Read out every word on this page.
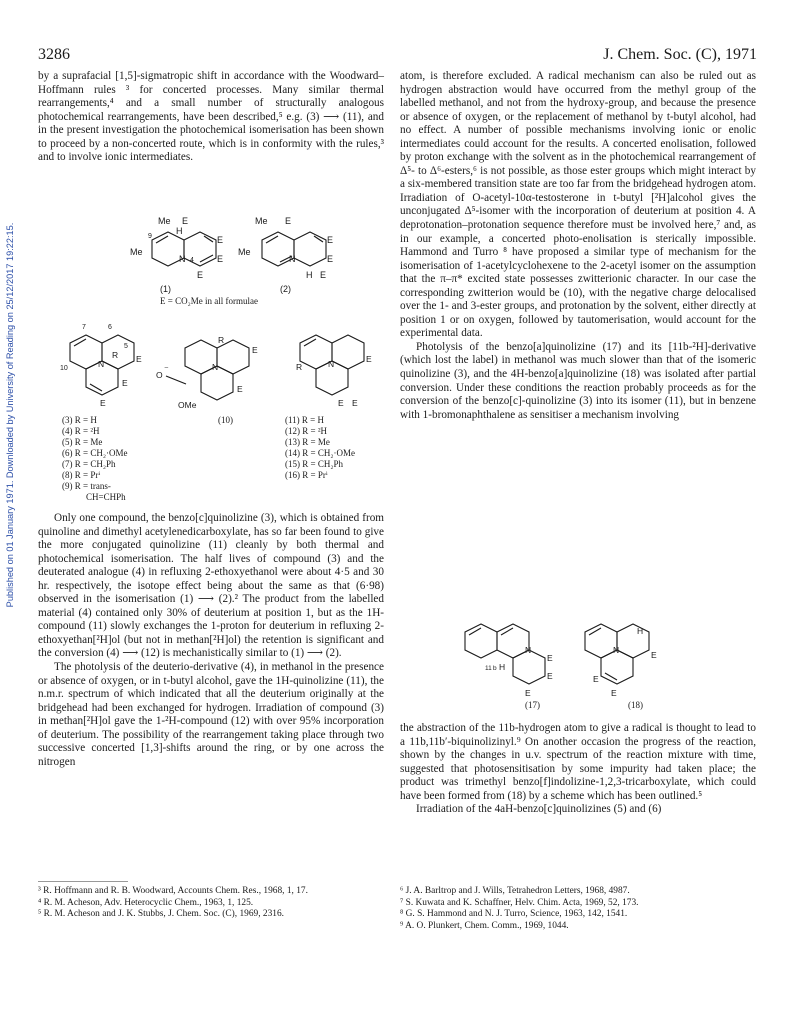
3286	J. Chem. Soc. (C), 1971
Published on 01 January 1971. Downloaded by University of Reading on 25/12/2017 19:22:15.

by a suprafacial [1,5]-sigmatropic shift in accordance with the Woodward–Hoffmann rules ³ for concerted processes. Many similar thermal rearrangements,⁴ and a small number of structurally analogous photochemical rearrangements, have been described,⁵ e.g. (3) ⟶ (11), and in the present investigation the photochemical isomerisation has been shown to proceed by a non-concerted route, which is in conformity with the rules,³ and to involve ionic intermediates.

Me E
H
9
Me
N 4
E
E
E
Me E
Me
N
E
E
H E
(1)	(2)
E = CO₂Me in all formulae
7	6
10
5
R
N	E
E
E
R
N
E
E
O
⁻
OMe
R	N	E
E E
(3) R = H
(4) R = ²H
(5) R = Me
(6) R = CH₂·OMe
(7) R = CH₂Ph
(8) R = Prⁱ
(9) R = trans-
CH=CHPh
(10)	(11) R = H
(12) R = ²H
(13) R = Me
(14) R = CH₂·OMe
(15) R = CH₂Ph
(16) R = Prⁱ

Only one compound, the benzo[c]quinolizine (3), which is obtained from quinoline and dimethyl acetylenedicarboxylate, has so far been found to give the more conjugated quinolizine (11) cleanly by both thermal and photochemical isomerisation. The half lives of compound (3) and the deuterated analogue (4) in refluxing 2-ethoxyethanol were about 4·5 and 30 hr. respectively, the isotope effect being about the same as that (6·98) observed in the isomerisation (1) ⟶ (2).² The product from the labelled material (4) contained only 30% of deuterium at position 1, but as the 1H-compound (11) slowly exchanges the 1-proton for deuterium in refluxing 2-ethoxyethan[²H]ol (but not in methan[²H]ol) the retention is significant and the conversion (4) ⟶ (12) is mechanistically similar to (1) ⟶ (2).

The photolysis of the deuterio-derivative (4), in methanol in the presence or absence of oxygen, or in t-butyl alcohol, gave the 1H-quinolizine (11), the n.m.r. spectrum of which indicated that all the deuterium originally at the bridgehead had been exchanged for hydrogen. Irradiation of compound (3) in methan[²H]ol gave the 1-²H-compound (12) with over 95% incorporation of deuterium. The possibility of the rearrangement taking place through two successive concerted [1,3]-shifts around the ring, or by one across the nitrogen

atom, is therefore excluded. A radical mechanism can also be ruled out as hydrogen abstraction would have occurred from the methyl group of the labelled methanol, and not from the hydroxy-group, and because the presence or absence of oxygen, or the replacement of methanol by t-butyl alcohol, had no effect. A number of possible mechanisms involving ionic or enolic intermediates could account for the results. A concerted enolisation, followed by proton exchange with the solvent as in the photochemical rearrangement of Δ⁵- to Δ⁶-esters,⁶ is not possible, as those ester groups which might interact by a six-membered transition state are too far from the bridgehead hydrogen atom. Irradiation of O-acetyl-10α-testosterone in t-butyl [²H]alcohol gives the unconjugated Δ⁵-isomer with the incorporation of deuterium at position 4. A deprotonation–protonation sequence therefore must be involved here,⁷ and, as in our example, a concerted photo-enolisation is sterically impossible. Hammond and Turro ⁸ have proposed a similar type of mechanism for the isomerisation of 1-acetylcyclohexene to the 2-acetyl isomer on the assumption that the π–π* excited state possesses zwitterionic character. In our case the corresponding zwitterion would be (10), with the negative charge delocalised over the 1- and 3-ester groups, and protonation by the solvent, either directly at position 1 or on oxygen, followed by tautomerisation, would account for the experimental data.

Photolysis of the benzo[a]quinolizine (17) and its [11b-²H]-derivative (which lost the label) in methanol was much slower than that of the isomeric quinolizine (3), and the 4H-benzo[a]quinolizine (18) was isolated after partial conversion. Under these conditions the reaction probably proceeds as for the conversion of the benzo[c]-quinolizine (3) into its isomer (11), but in benzene with 1-bromonaphthalene as sensitiser a mechanism involving

N
H
11 b
E
E
E
N
H
E
E
E
(17)	(18)

the abstraction of the 11b-hydrogen atom to give a radical is thought to lead to a 11b,11b′-biquinolizinyl.⁹ On another occasion the progress of the reaction, shown by the changes in u.v. spectrum of the reaction mixture with time, suggested that photosensitisation by some impurity had taken place; the product was trimethyl benzo[f]indolizine-1,2,3-tricarboxylate, which could have been formed from (18) by a scheme which has been outlined.⁵

Irradiation of the 4aH-benzo[c]quinolizines (5) and (6)

³ R. Hoffmann and R. B. Woodward, Accounts Chem. Res., 1968, 1, 17.
⁴ R. M. Acheson, Adv. Heterocyclic Chem., 1963, 1, 125.
⁵ R. M. Acheson and J. K. Stubbs, J. Chem. Soc. (C), 1969, 2316.
⁶ J. A. Barltrop and J. Wills, Tetrahedron Letters, 1968, 4987.
⁷ S. Kuwata and K. Schaffner, Helv. Chim. Acta, 1969, 52, 173.
⁸ G. S. Hammond and N. J. Turro, Science, 1963, 142, 1541.
⁹ A. O. Plunkert, Chem. Comm., 1969, 1044.
